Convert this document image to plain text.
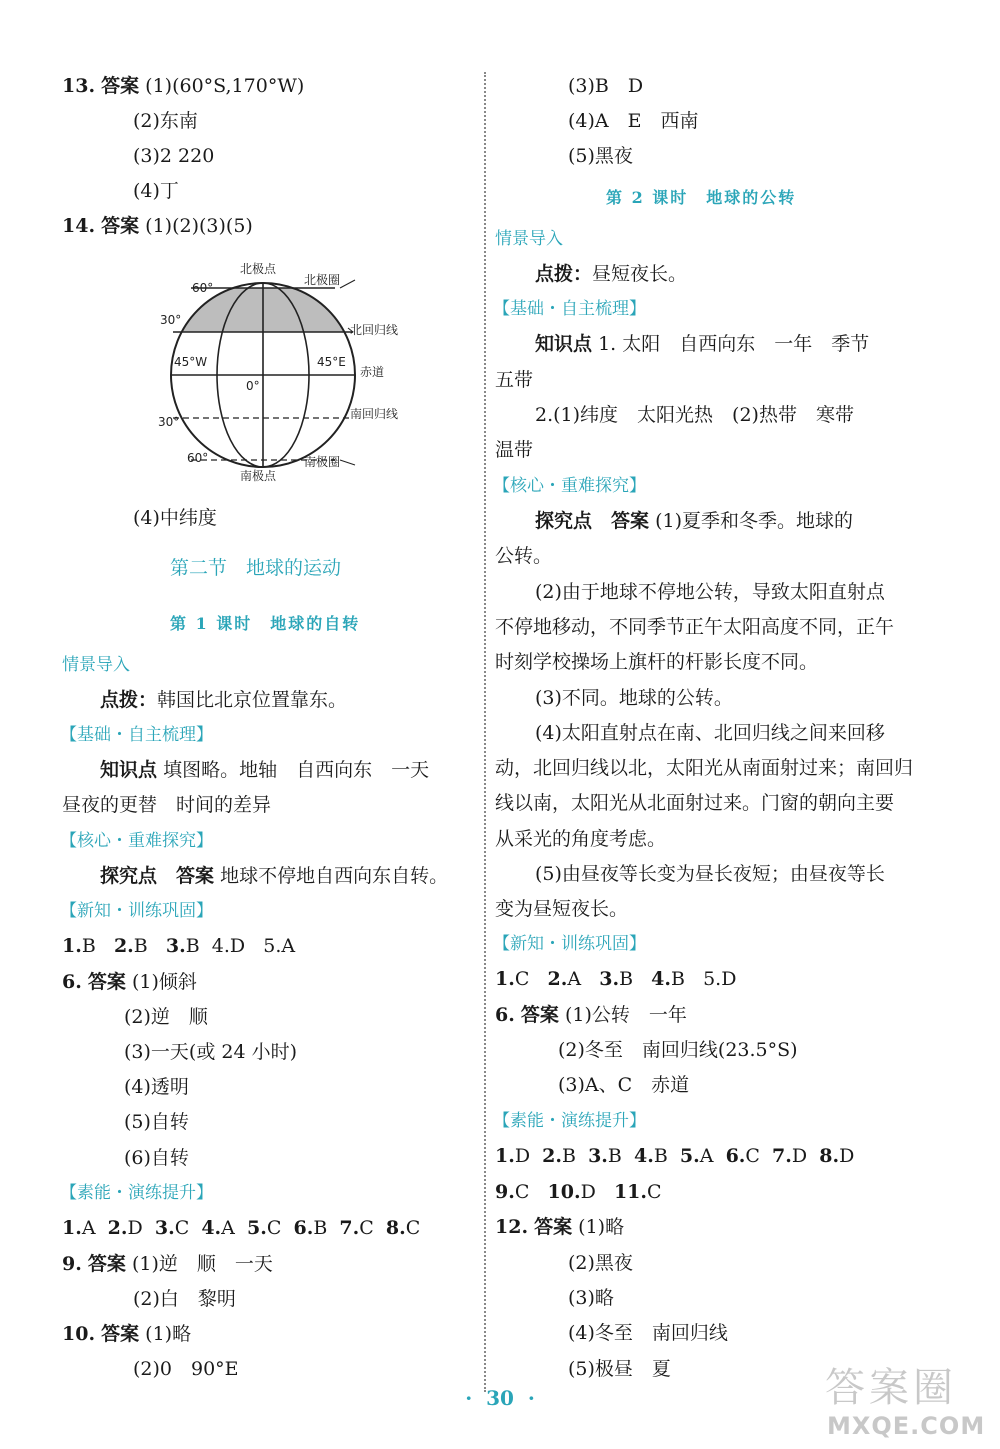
13. 答案 (1)(60°S,170°W)
(2)东南
(3)2 220
(4)丁
14. 答案 (1)(2)(3)(5)
北极点
北极圈
北回归线
赤道
南回归线
南极圈
南极点
60°
30°
30°
60°
45°W	45°E
0°
(4)中纬度
第二节　地球的运动
第 1 课时　地球的自转
情景导入
点拨：韩国比北京位置靠东。
【基础・自主梳理】
知识点 填图略。地轴　自西向东　一天
昼夜的更替　时间的差异
【核心・重难探究】
探究点　答案 地球不停地自西向东自转。
【新知・训练巩固】
1.B 2.B 3.B 4.D 5.A
6. 答案 (1)倾斜
(2)逆　顺
(3)一天(或 24 小时)
(4)透明
(5)自转
(6)自转
【素能・演练提升】
1.A 2.D 3.C 4.A 5.C 6.B 7.C 8.C
9. 答案 (1)逆　顺　一天
(2)白　黎明
10. 答案 (1)略
(2)0　90°E
(3)B　D
(4)A　E　西南
(5)黑夜
第 2 课时　地球的公转
情景导入
点拨：昼短夜长。
【基础・自主梳理】
知识点 1. 太阳　自西向东　一年　季节
五带
2.(1)纬度　太阳光热　(2)热带　寒带
温带
【核心・重难探究】
探究点　答案 (1)夏季和冬季。地球的
公转。
(2)由于地球不停地公转，导致太阳直射点
不停地移动，不同季节正午太阳高度不同，正午
时刻学校操场上旗杆的杆影长度不同。
(3)不同。地球的公转。
(4)太阳直射点在南、北回归线之间来回移
动，北回归线以北，太阳光从南面射过来；南回归
线以南，太阳光从北面射过来。门窗的朝向主要
从采光的角度考虑。
(5)由昼夜等长变为昼长夜短；由昼夜等长
变为昼短夜长。
【新知・训练巩固】
1.C 2.A 3.B 4.B 5.D
6. 答案 (1)公转　一年
(2)冬至　南回归线(23.5°S)
(3)A、C　赤道
【素能・演练提升】
1.D 2.B 3.B 4.B 5.A 6.C 7.D 8.D
9.C 10.D 11.C
12. 答案 (1)略
(2)黑夜
(3)略
(4)冬至　南回归线
(5)极昼　夏
·  30  ·	答案圈
MXQE.COM
